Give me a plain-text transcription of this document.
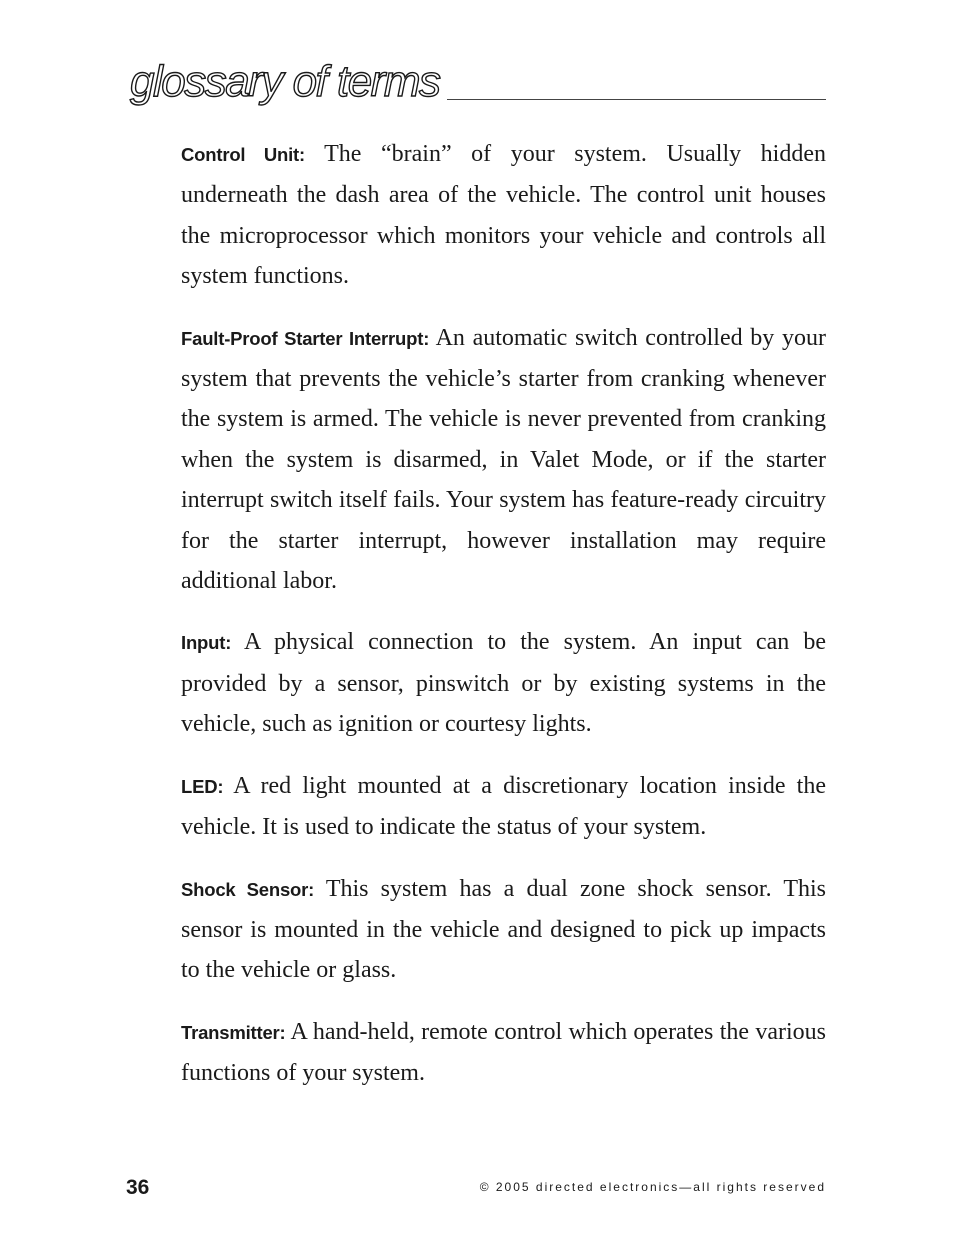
glossary of terms

Control Unit: The “brain” of your system. Usually hidden underneath the dash area of the vehicle. The control unit houses the microprocessor which monitors your vehicle and controls all system functions.

Fault-Proof Starter Interrupt: An automatic switch controlled by your system that prevents the vehicle’s starter from cranking whenever the system is armed. The vehicle is never prevented from cranking when the system is disarmed, in Valet Mode, or if the starter interrupt switch itself fails. Your system has feature-ready circuitry for the starter interrupt, however installation may require additional labor.

Input: A physical connection to the system. An input can be provided by a sensor, pinswitch or by existing systems in the vehicle, such as ignition or courtesy lights.

LED: A red light mounted at a discretionary location inside the vehicle. It is used to indicate the status of your system.

Shock Sensor: This system has a dual zone shock sensor. This sensor is mounted in the vehicle and designed to pick up impacts to the vehicle or glass.

Transmitter: A hand-held, remote control which operates the various functions of your system.

36	© 2005 directed electronics—all rights reserved
